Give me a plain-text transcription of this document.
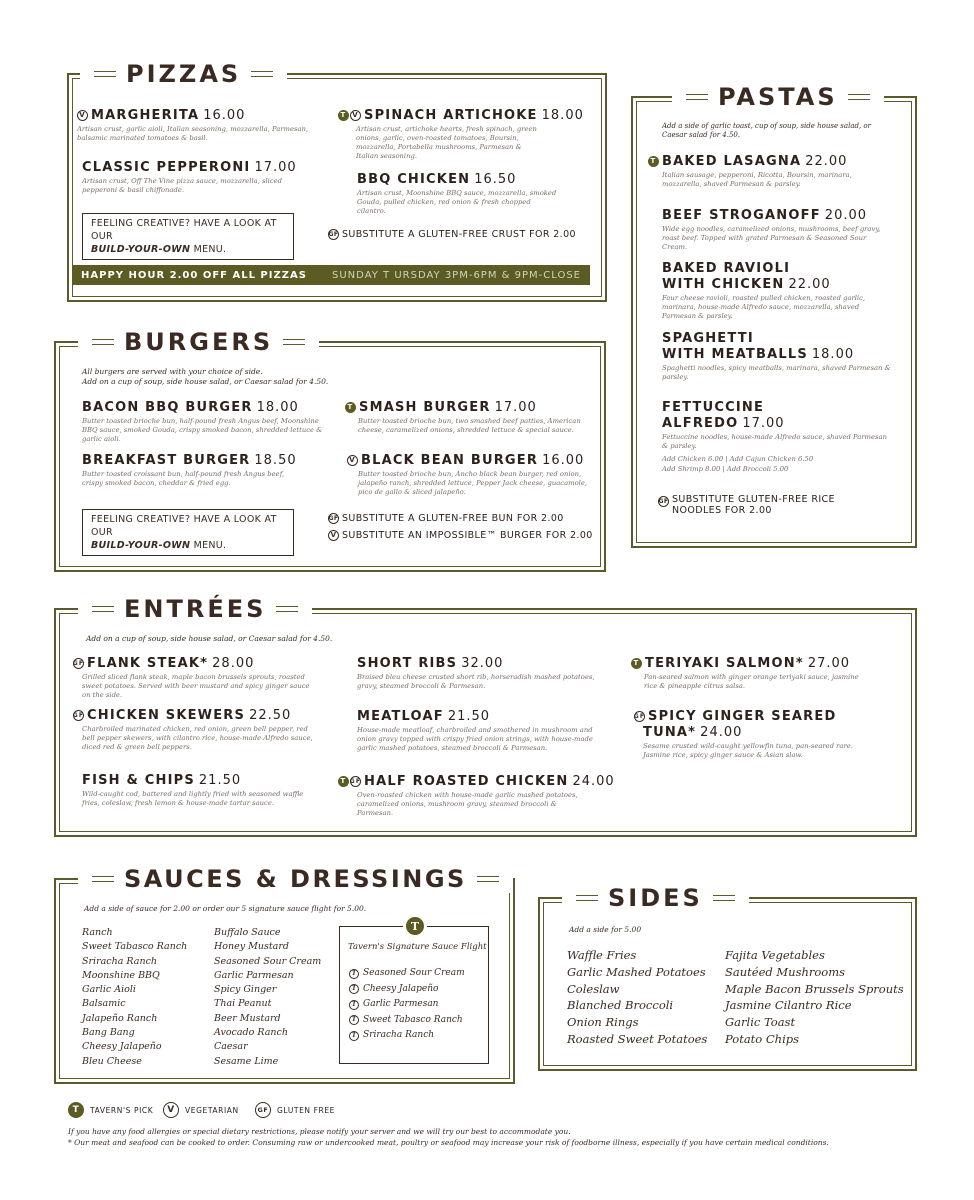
PIZZAS
V MARGHERITA 16.00
Artisan crust, garlic aioli, Italian seasoning, mozzarella, Parmesan, balsamic marinated tomatoes & basil.
CLASSIC PEPPERONI 17.00
Artisan crust, Off The Vine pizza sauce, mozzarella, sliced pepperoni & basil chiffonade.
FEELING CREATIVE? HAVE A LOOK AT OUR
BUILD-YOUR-OWN MENU.
T V SPINACH ARTICHOKE 18.00
Artisan crust, artichoke hearts, fresh spinach, green onions, garlic, oven-roasted tomatoes, Boursin, mozzarella, Portabella mushrooms, Parmesan & Italian seasoning.
BBQ CHICKEN 16.50
Artisan crust, Moonshine BBQ sauce, mozzarella, smoked Gouda, pulled chicken, red onion & fresh chopped cilantro.
GF SUBSTITUTE A GLUTEN-FREE CRUST FOR 2.00
HAPPY HOUR 2.00 OFF ALL PIZZAS	SUNDAY T URSDAY 3PM-6PM & 9PM-CLOSE
PASTAS
Add a side of garlic toast, cup of soup, side house salad, or Caesar salad for 4.50.
T BAKED LASAGNA 22.00
Italian sausage, pepperoni, Ricotta, Boursin, marinara, mozzarella, shaved Parmesan & parsley.
BEEF STROGANOFF 20.00
Wide egg noodles, caramelized onions, mushrooms, beef gravy, roast beef. Topped with grated Parmesan & Seasoned Sour Cream.
BAKED RAVIOLI
WITH CHICKEN 22.00
Four cheese ravioli, roasted pulled chicken, roasted garlic, marinara, house-made Alfredo sauce, mozzarella, shaved Parmesan & parsley.
SPAGHETTI
WITH MEATBALLS 18.00
Spaghetti noodles, spicy meatballs, marinara, shaved Parmesan & parsley.
FETTUCCINE
ALFREDO 17.00
Fettuccine noodles, house-made Alfredo sauce, shaved Parmesan & parsley.
Add Chicken 6.00 | Add Cajun Chicken 6.50
Add Shrimp 8.00 | Add Broccoli 5.00
GF SUBSTITUTE GLUTEN-FREE RICE
NOODLES FOR 2.00
BURGERS
All burgers are served with your choice of side.
Add on a cup of soup, side house salad, or Caesar salad for 4.50.
BACON BBQ BURGER 18.00
Butter toasted brioche bun, half-pound fresh Angus beef, Moonshine BBQ sauce, smoked Gouda, crispy smoked bacon, shredded lettuce & garlic aioli.
BREAKFAST BURGER 18.50
Butter toasted croissant bun, half-pound fresh Angus beef, crispy smoked bacon, cheddar & fried egg.
FEELING CREATIVE? HAVE A LOOK AT OUR
BUILD-YOUR-OWN MENU.
T SMASH BURGER 17.00
Butter toasted brioche bun, two smashed beef patties, American cheese, caramelized onions, shredded lettuce & special sauce.
V BLACK BEAN BURGER 16.00
Butter toasted brioche bun, Ancho black bean burger, red onion, jalapeño ranch, shredded lettuce, Pepper Jack cheese, guacamole, pico de gallo & sliced jalapeño.
GF SUBSTITUTE A GLUTEN-FREE BUN FOR 2.00
V SUBSTITUTE AN IMPOSSIBLE™ BURGER FOR 2.00
ENTRÉES
Add on a cup of soup, side house salad, or Caesar salad for 4.50.
GF FLANK STEAK* 28.00
Grilled sliced flank steak, maple bacon brussels sprouts, roasted sweet potatoes. Served with beer mustard and spicy ginger sauce on the side.
GF CHICKEN SKEWERS 22.50
Charbroiled marinated chicken, red onion, green bell pepper, red bell pepper skewers, with cilantro rice, house-made Alfredo sauce, diced red & green bell peppers.
FISH & CHIPS 21.50
Wild-caught cod, battered and lightly fried with seasoned waffle fries, coleslaw, fresh lemon & house-made tartar sauce.
SHORT RIBS 32.00
Braised bleu cheese crusted short rib, horseradish mashed potatoes, gravy, steamed broccoli & Parmesan.
MEATLOAF 21.50
House-made meatloaf, charbroiled and smothered in mushroom and onion gravy topped with crispy fried onion strings, with house-made garlic mashed potatoes, steamed broccoli & Parmesan.
T GF HALF ROASTED CHICKEN 24.00
Oven-roasted chicken with house-made garlic mashed potatoes, caramelized onions, mushroom gravy, steamed broccoli & Parmesan.
T TERIYAKI SALMON* 27.00
Pan-seared salmon with ginger orange teriyaki sauce, jasmine rice & pineapple citrus salsa.
GF SPICY GINGER SEARED
TUNA* 24.00
Sesame crusted wild-caught yellowfin tuna, pan-seared rare. Jasmine rice, spicy ginger sauce & Asian slaw.
SAUCES & DRESSINGS
Add a side of sauce for 2.00 or order our 5 signature sauce flight for 5.00.
Ranch
Sweet Tabasco Ranch
Sriracha Ranch
Moonshine BBQ
Garlic Aioli
Balsamic
Jalapeño Ranch
Bang Bang
Cheesy Jalapeño
Bleu Cheese
Buffalo Sauce
Honey Mustard
Seasoned Sour Cream
Garlic Parmesan
Spicy Ginger
Thai Peanut
Beer Mustard
Avocado Ranch
Caesar
Sesame Lime
T
Tavern's Signature Sauce Flight
T Seasoned Sour Cream
T Cheesy Jalapeño
T Garlic Parmesan
T Sweet Tabasco Ranch
T Sriracha Ranch
SIDES
Add a side for 5.00
Waffle Fries
Garlic Mashed Potatoes
Coleslaw
Blanched Broccoli
Onion Rings
Roasted Sweet Potatoes
Fajita Vegetables
Sautéed Mushrooms
Maple Bacon Brussels Sprouts
Jasmine Cilantro Rice
Garlic Toast
Potato Chips
T TAVERN'S PICK V VEGETARIAN	GF GLUTEN FREE
If you have any food allergies or special dietary restrictions, please notify your server and we will try our best to accommodate you.
* Our meat and seafood can be cooked to order. Consuming raw or undercooked meat, poultry or seafood may increase your risk of foodborne illness, especially if you have certain medical conditions.
